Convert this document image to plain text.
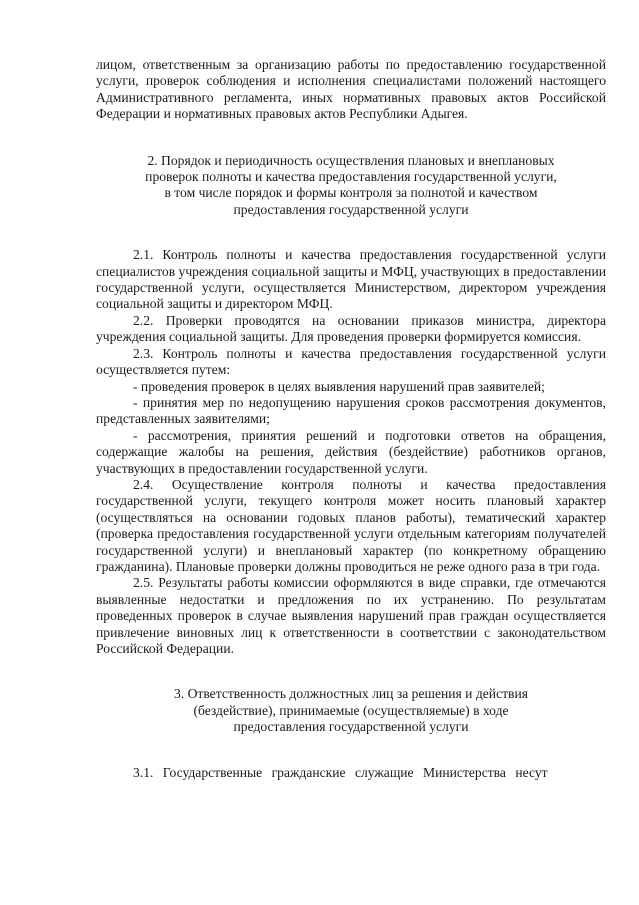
лицом, ответственным за организацию работы по предоставлению государственной услуги, проверок соблюдения и исполнения специалистами положений настоящего Административного регламента, иных нормативных правовых актов Российской Федерации и нормативных правовых актов Республики Адыгея.

2. Порядок и периодичность осуществления плановых и внеплановых
проверок полноты и качества предоставления государственной услуги,
в том числе порядок и формы контроля за полнотой и качеством
предоставления государственной услуги

2.1. Контроль полноты и качества предоставления государственной услуги специалистов учреждения социальной защиты и МФЦ, участвующих в предоставлении государственной услуги, осуществляется Министерством, директором учреждения социальной защиты и директором МФЦ.

2.2. Проверки проводятся на основании приказов министра, директора учреждения социальной защиты. Для проведения проверки формируется комиссия.

2.3. Контроль полноты и качества предоставления государственной услуги осуществляется путем:

- проведения проверок в целях выявления нарушений прав заявителей;

- принятия мер по недопущению нарушения сроков рассмотрения документов, представленных заявителями;

- рассмотрения, принятия решений и подготовки ответов на обращения, содержащие жалобы на решения, действия (бездействие) работников органов, участвующих в предоставлении государственной услуги.

2.4. Осуществление контроля полноты и качества предоставления государственной услуги, текущего контроля может носить плановый характер (осуществляться на основании годовых планов работы), тематический характер (проверка предоставления государственной услуги отдельным категориям получателей государственной услуги) и внеплановый характер (по конкретному обращению гражданина). Плановые проверки должны проводиться не реже одного раза в три года.

2.5. Результаты работы комиссии оформляются в виде справки, где отмечаются выявленные недостатки и предложения по их устранению. По результатам проведенных проверок в случае выявления нарушений прав граждан осуществляется привлечение виновных лиц к ответственности в соответствии с законодательством Российской Федерации.

3. Ответственность должностных лиц за решения и действия
(бездействие), принимаемые (осуществляемые) в ходе
предоставления государственной услуги

3.1. Государственные гражданские служащие Министерства несут
